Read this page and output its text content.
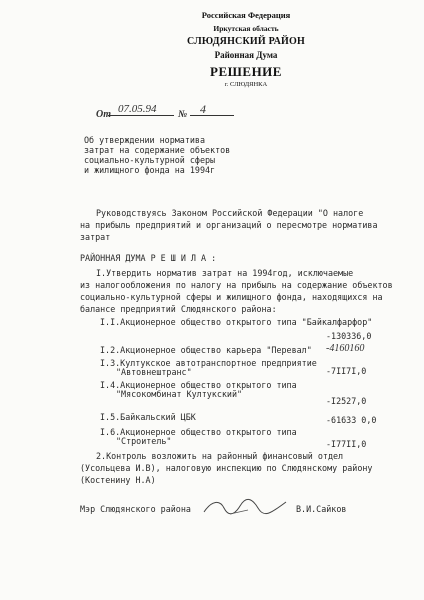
Российская Федерация
Иркутская область
СЛЮДЯНСКИЙ РАЙОН
Районная Дума
РЕШЕНИЕ
г. СЛЮДЯНКА
От 07.05.94 № 4
Об утверждении норматива
затрат на содержание объектов
социально-культурной сферы
и жилищного фонда на 1994г
Руководствуясь Законом Российской Федерации "О налоге
на прибыль предприятий и организаций о пересмотре норматива
затрат
РАЙОННАЯ ДУМА Р Е Ш И Л А :
I.Утвердить норматив затрат на 1994год, исключаемые
из налогообложения по налогу на прибыль на содержание объектов
социально-культурной сферы и жилищного фонда, находящихся на
балансе предприятий Слюдянского района:
I.I.Акционерное общество открытого типа "Байкалфарфор"
-130336,0
I.2.Акционерное общество карьера "Перевал" -4160160
I.3.Култукское автотранспортное предприятие
"Автовнештранс"	-7II7I,0
I.4.Акционерное общество открытого типа
"Мясокомбинат Култукский"
-I2527,0
I.5.Байкальский ЦБК	-61633 0,0
I.6.Акционерное общество открытого типа
"Строитель"	-I77II,0
2.Контроль возложить на районный финансовый отдел
(Усольцева И.В), налоговую инспекцию по Слюдянскому району
(Костенину Н.А)
Мэр Слюдянского района	В.И.Сайков
